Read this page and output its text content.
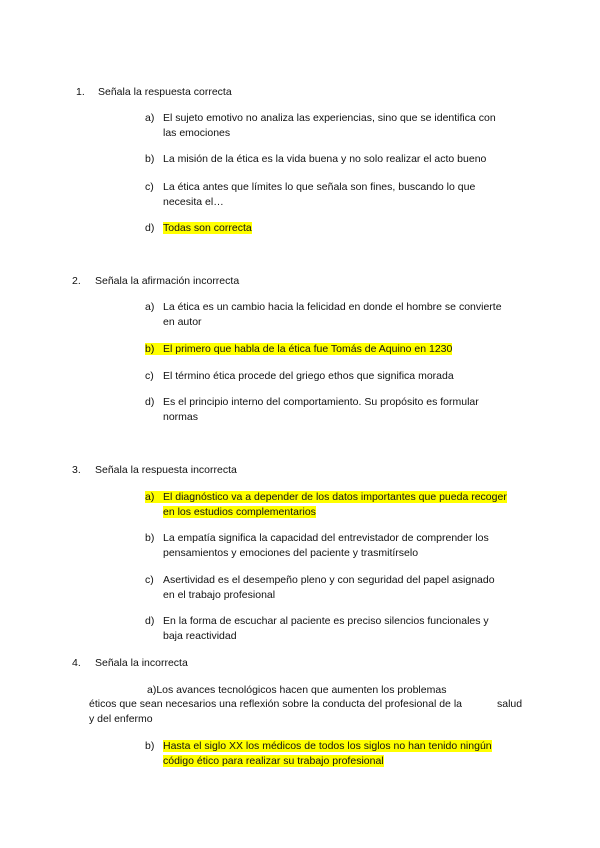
1. Señala la respuesta correcta
a) El sujeto emotivo no analiza las experiencias, sino que se identifica con
las emociones
b) La misión de la ética es la vida buena y no solo realizar el acto bueno
c) La ética antes que límites lo que señala son fines, buscando lo que
necesita el…
d) Todas son correcta
2. Señala la afirmación incorrecta
a) La ética es un cambio hacia la felicidad en donde el hombre se convierte
en autor
b) El primero que habla de la ética fue Tomás de Aquino en 1230
c) El término ética procede del griego ethos que significa morada
d) Es el principio interno del comportamiento. Su propósito es formular
normas
3. Señala la respuesta incorrecta
a) El diagnóstico va a depender de los datos importantes que pueda recoger
en los estudios complementarios
b) La empatía significa la capacidad del entrevistador de comprender los
pensamientos y emociones del paciente y trasmitírselo
c) Asertividad es el desempeño pleno y con seguridad del papel asignado
en el trabajo profesional
d) En la forma de escuchar al paciente es preciso silencios funcionales y
baja reactividad
4. Señala la incorrecta
a)Los avances tecnológicos hacen que aumenten los problemas
éticos que sean necesarios una reflexión sobre la conducta del profesional de la	salud
y del enfermo
b) Hasta el siglo XX los médicos de todos los siglos no han tenido ningún
código ético para realizar su trabajo profesional
